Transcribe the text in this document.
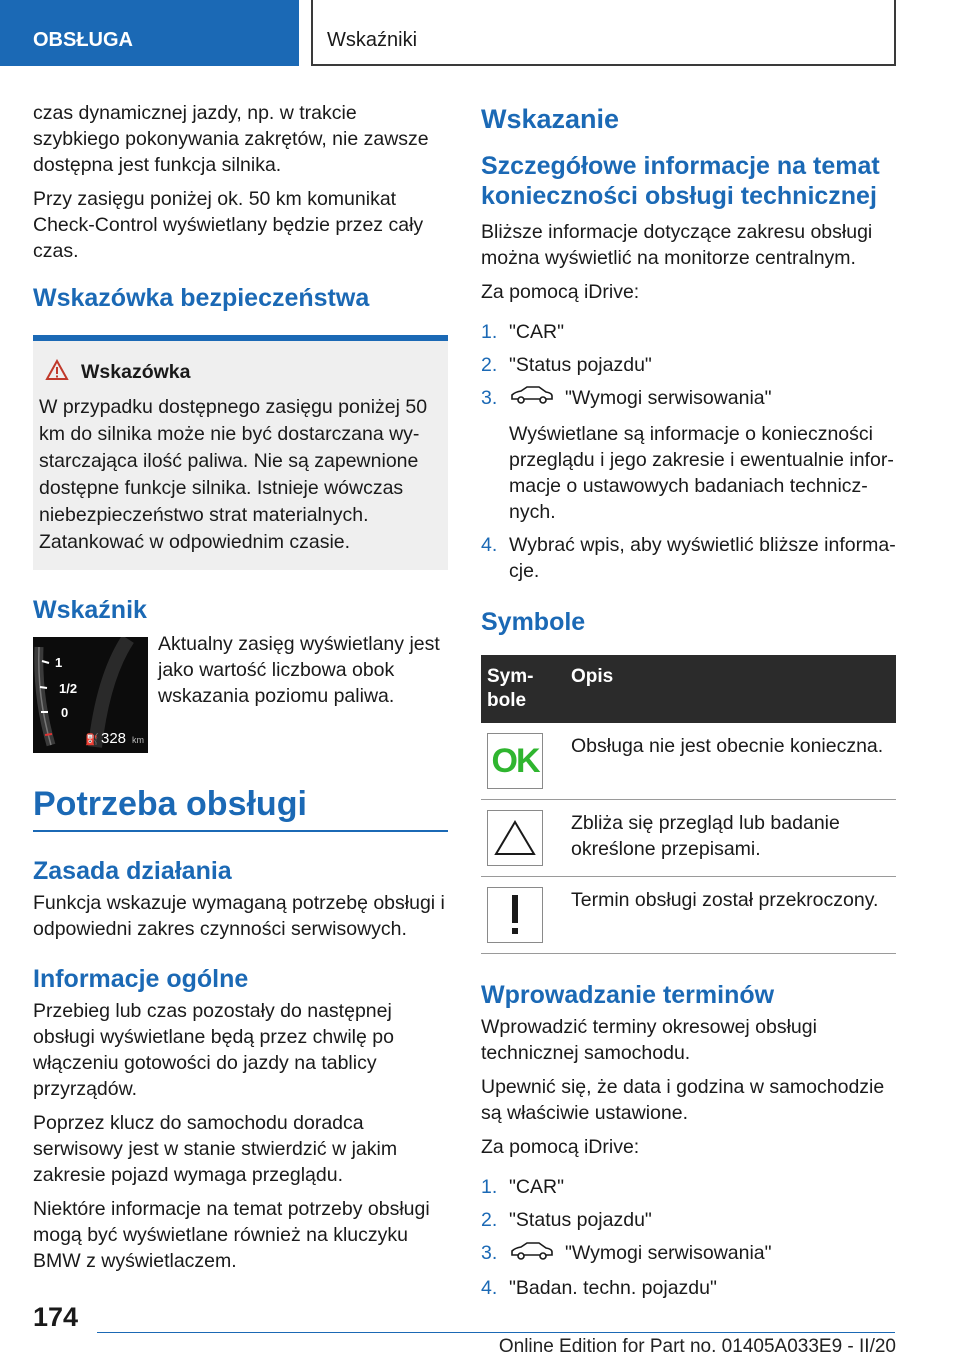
OBSŁUGA	Wskaźniki

czas dynamicznej jazdy, np. w trakcie szybkiego pokonywania zakrętów, nie zawsze dostępna jest funkcja silnika.

Przy zasięgu poniżej ok. 50 km komunikat Check-Control wyświetlany będzie przez cały czas.

Wskazówka bezpieczeństwa
Wskazówka

W przypadku dostępnego zasięgu poniżej 50 km do silnika może nie być dostarczana wystarczająca ilość paliwa. Nie są zapewnione dostępne funkcje silnika. Istnieje wówczas niebezpieczeństwo strat materialnych. Zatankować w odpowiednim czasie.

Wskaźnik
1
1/2
0
⛽ 328 km
Aktualny zasięg wyświetlany jest jako wartość liczbowa obok wskazania poziomu paliwa.
Potrzeba obsługi
Zasada działania

Funkcja wskazuje wymaganą potrzebę obsługi i odpowiedni zakres czynności serwisowych.

Informacje ogólne

Przebieg lub czas pozostały do następnej obsługi wyświetlane będą przez chwilę po włączeniu gotowości do jazdy na tablicy przyrządów.

Poprzez klucz do samochodu doradca serwisowy jest w stanie stwierdzić w jakim zakresie pojazd wymaga przeglądu.

Niektóre informacje na temat potrzeby obsługi mogą być wyświetlane również na kluczyku BMW z wyświetlaczem.

Wskazanie
Szczegółowe informacje na temat konieczności obsługi technicznej

Bliższe informacje dotyczące zakresu obsługi można wyświetlić na monitorze centralnym.

Za pomocą iDrive:

1. "CAR"
2. "Status pojazdu"
3.	"Wymogi serwisowania"
Wyświetlane są informacje o konieczności przeglądu i jego zakresie i ewentualnie informacje o ustawowych badaniach technicznych.
4. Wybrać wpis, aby wyświetlić bliższe informacje.
Symbole
Symbole	Opis

OK	Obsługa nie jest obecnie konieczna.

	Zbliża się przegląd lub badanie określone przepisami.

	Termin obsługi został przekroczony.
Wprowadzanie terminów

Wprowadzić terminy okresowej obsługi technicznej samochodu.

Upewnić się, że data i godzina w samochodzie są właściwie ustawione.

Za pomocą iDrive:

1. "CAR"
2. "Status pojazdu"
3.	"Wymogi serwisowania"
4. "Badan. techn. pojazdu"
174
Online Edition for Part no. 01405A033E9 - II/20
